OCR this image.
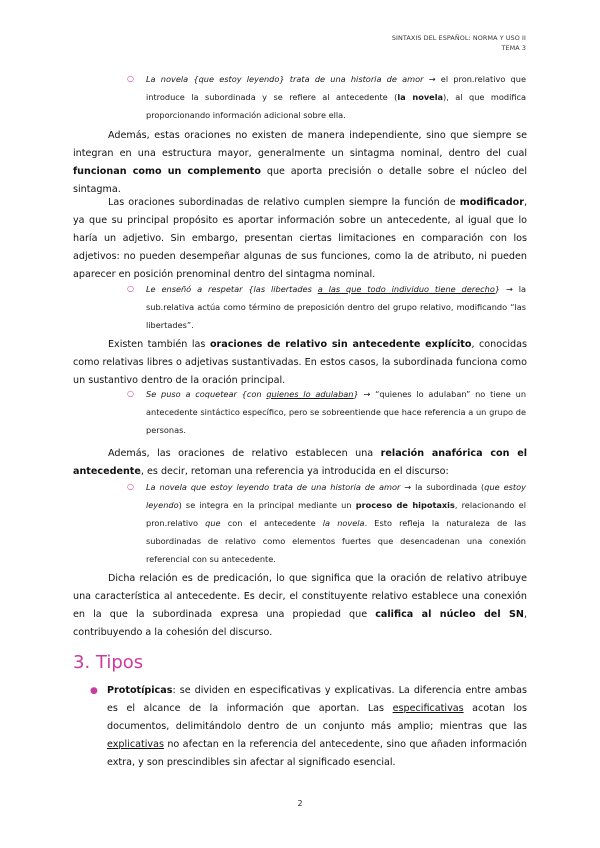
SINTAXIS DEL ESPAÑOL: NORMA Y USO II
TEMA 3
○ La novela {que estoy leyendo} trata de una historia de amor → el pron.relativo que introduce la subordinada y se refiere al antecedente (la novela), al que modifica proporcionando información adicional sobre ella.
Además, estas oraciones no existen de manera independiente, sino que siempre se integran en una estructura mayor, generalmente un sintagma nominal, dentro del cual funcionan como un complemento que aporta precisión o detalle sobre el núcleo del sintagma.
Las oraciones subordinadas de relativo cumplen siempre la función de modificador, ya que su principal propósito es aportar información sobre un antecedente, al igual que lo haría un adjetivo. Sin embargo, presentan ciertas limitaciones en comparación con los adjetivos: no pueden desempeñar algunas de sus funciones, como la de atributo, ni pueden aparecer en posición prenominal dentro del sintagma nominal.
○ Le enseñó a respetar {las libertades a las que todo individuo tiene derecho} → la sub.relativa actúa como término de preposición dentro del grupo relativo, modificando “las libertades”.
Existen también las oraciones de relativo sin antecedente explícito, conocidas como relativas libres o adjetivas sustantivadas. En estos casos, la subordinada funciona como un sustantivo dentro de la oración principal.
○ Se puso a coquetear {con quienes lo adulaban} → “quienes lo adulaban” no tiene un antecedente sintáctico específico, pero se sobreentiende que hace referencia a un grupo de personas.
Además, las oraciones de relativo establecen una relación anafórica con el antecedente, es decir, retoman una referencia ya introducida en el discurso:
○ La novela que estoy leyendo trata de una historia de amor → la subordinada (que estoy leyendo) se integra en la principal mediante un proceso de hipotaxis, relacionando el pron.relativo que con el antecedente la novela. Esto refleja la naturaleza de las subordinadas de relativo como elementos fuertes que desencadenan una conexión referencial con su antecedente.
Dicha relación es de predicación, lo que significa que la oración de relativo atribuye una característica al antecedente. Es decir, el constituyente relativo establece una conexión en la que la subordinada expresa una propiedad que califica al núcleo del SN, contribuyendo a la cohesión del discurso.
3. Tipos
● Prototípicas: se dividen en especificativas y explicativas. La diferencia entre ambas es el alcance de la información que aportan. Las especificativas acotan los documentos, delimitándolo dentro de un conjunto más amplio; mientras que las explicativas no afectan en la referencia del antecedente, sino que añaden información extra, y son prescindibles sin afectar al significado esencial.
2
